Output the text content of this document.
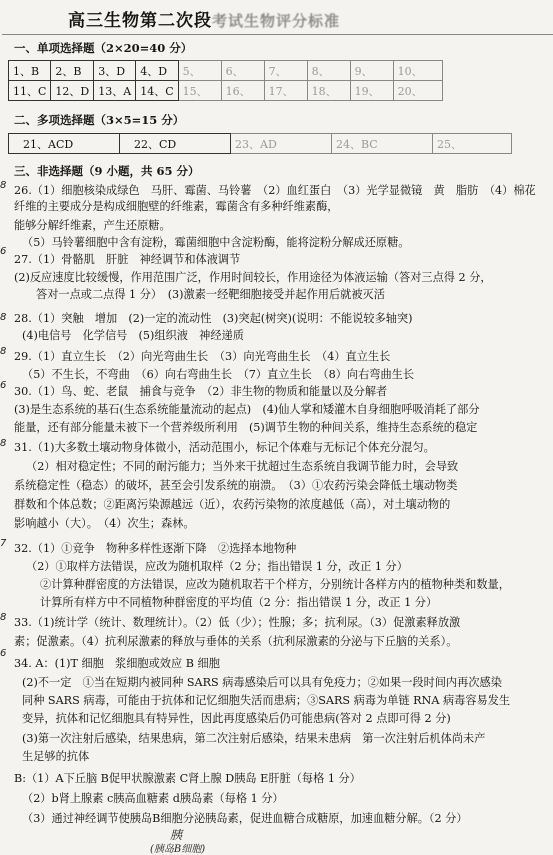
高三生物第二次段考试生物评分标准
一、单项选择题（2×20=40 分）
1、B	2、B	3、D	4、D	5、	6、	7、	8、	9、	10、
11、C	12、D	13、A	14、C	15、	16、	17、	18、	19、	20、
二、多项选择题（3×5=15 分）
21、ACD	22、CD	23、AD	24、BC	25、
三、非选择题（9 小题，共 65 分）
8
6
8
8
6
8
7
8
6
26.（1）细胞核染成绿色　马肝、霉菌、马铃薯　（2）血红蛋白　（3）光学显微镜　黄　脂肪　（4）棉花纤维的主要成分是构成细胞壁的纤维素，霉菌含有多种纤维素酶，
能够分解纤维素，产生还原糖。
（5）马铃薯细胞中含有淀粉，霉菌细胞中含淀粉酶，能将淀粉分解成还原糖。
27.（1）骨骼肌　肝脏　神经调节和体液调节
(2)反应速度比较缓慢，作用范围广泛，作用时间较长，作用途径为体液运输（答对三点得 2 分，
答对一点或二点得 1 分）　(3)激素一经靶细胞接受并起作用后就被灭活
28.（1）突触　增加　(2)一定的流动性　(3)突起(树突)(说明：不能说较多轴突)
(4)电信号　化学信号　(5)组织液　神经递质
29.（1）直立生长　（2）向光弯曲生长　（3）向光弯曲生长　（4）直立生长
（5）不生长，不弯曲　（6）向右弯曲生长　（7）直立生长　（8）向右弯曲生长
30.（1）鸟、蛇、老鼠　捕食与竞争　（2）非生物的物质和能量以及分解者
(3)是生态系统的基石(生态系统能量流动的起点)　(4)仙人掌和矮灌木自身细胞呼吸消耗了部分
能量，还有部分能量未被下一个营养级所利用　(5)调节生物的种间关系，维持生态系统的稳定
31.（1)大多数土壤动物身体微小，活动范围小，标记个体难与无标记个体充分混匀。
（2）相对稳定性；不同的耐污能力；当外来干扰超过生态系统自我调节能力时，会导致
系统稳定性（稳态）的破坏，甚至会引发系统的崩溃。　（3）①农药污染会降低土壤动物类
群数和个体总数；②距离污染源越远（近），农药污染物的浓度越低（高），对土壤动物的
影响越小（大）。　（4）次生；森林。
32.（1）①竞争　物种多样性逐渐下降　②选择本地物种
（2）①取样方法错误，应改为随机取样（2 分；指出错误 1 分，改正 1 分）
②计算种群密度的方法错误，应改为随机取若干个样方，分别统计各样方内的植物种类和数量，
计算所有样方中不同植物种群密度的平均值（2 分：指出错误 1 分，改正 1 分）
33.（1)统计学（统计、数理统计）。（2）低（少）；性腺；多；抗利尿。（3）促激素释放激
素；促激素。（4）抗利尿激素的释放与垂体的关系（抗利尿激素的分泌与下丘脑的关系）。
34. A：(1)T 细胞　浆细胞或效应 B 细胞
(2)不一定　①当在短期内被同种 SARS 病毒感染后可以具有免疫力；②如果一段时间内再次感染
同种 SARS 病毒，可能由于抗体和记忆细胞失活而患病；③SARS 病毒为单链 RNA 病毒容易发生
变异，抗体和记忆细胞具有特异性，因此再度感染后仍可能患病(答对 2 点即可得 2 分)
(3)第一次注射后感染，结果患病，第二次注射后感染，结果未患病　第一次注射后机体尚未产
生足够的抗体
B:（1）A下丘脑 B促甲状腺激素 C肾上腺 D胰岛 E肝脏（每格 1 分）
（2）b肾上腺素 c胰高血糖素 d胰岛素（每格 1 分）
（3）通过神经调节使胰岛B细胞分泌胰岛素，促进血糖合成糖原，加速血糖分解。（2 分）
胰
(胰岛B细胞)
